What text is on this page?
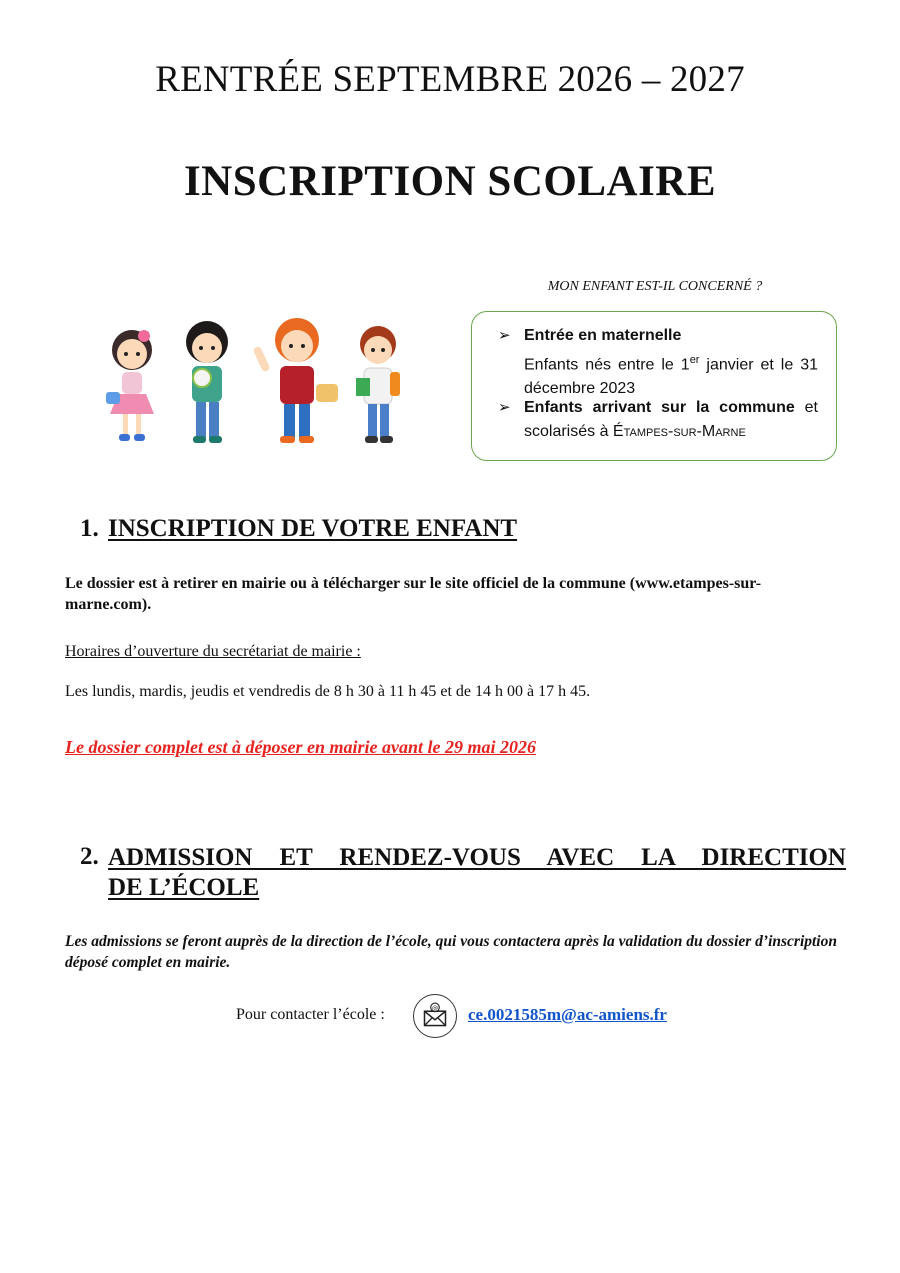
RENTRÉE SEPTEMBRE 2026 – 2027
INSCRIPTION SCOLAIRE
MON ENFANT EST-IL CONCERNÉ ?
➢ Entrée en maternelle
Enfants nés entre le 1er janvier et le 31
décembre 2023
➢ Enfants arrivant sur la commune et
scolarisés à Étampes-sur-Marne
1. INSCRIPTION DE VOTRE ENFANT
Le dossier est à retirer en mairie ou à télécharger sur le site officiel de la commune (www.etampes-sur-marne.com).
Horaires d’ouverture du secrétariat de mairie :
Les lundis, mardis, jeudis et vendredis de 8 h 30 à 11 h 45 et de 14 h 00 à 17 h 45.
Le dossier complet est à déposer en mairie avant le 29 mai 2026
2. ADMISSION ET RENDEZ-VOUS AVEC LA DIRECTION
DE L’ÉCOLE
Les admissions se feront auprès de la direction de l’école, qui vous contactera après la validation du dossier d’inscription déposé complet en mairie.
Pour contacter l’école :	@ ce.0021585m@ac-amiens.fr
